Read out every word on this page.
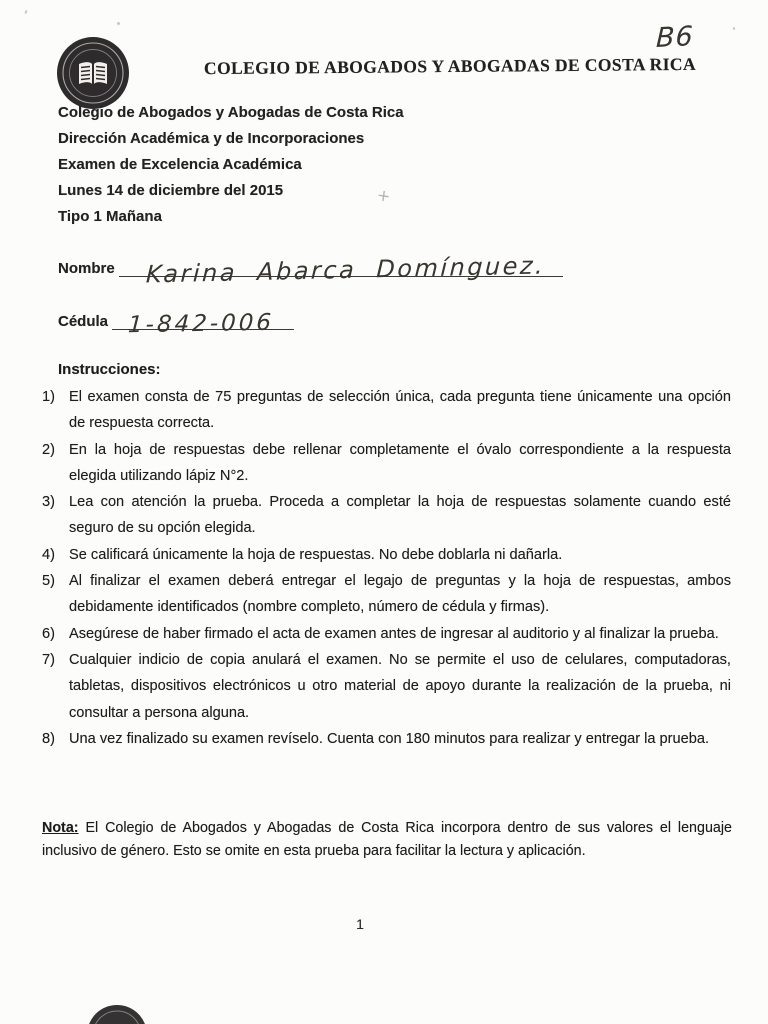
B6
COLEGIO DE ABOGADOS Y ABOGADAS DE COSTA RICA
Colegio de Abogados y Abogadas de Costa Rica
Dirección Académica y de Incorporaciones
Examen de Excelencia Académica
Lunes 14 de diciembre del 2015
Tipo 1 Mañana
+
Nombre Karina Abarca Domínguez.
Cédula 1-842-006
Instrucciones:
1) El examen consta de 75 preguntas de selección única, cada pregunta tiene únicamente una opción de respuesta correcta.
2) En la hoja de respuestas debe rellenar completamente el óvalo correspondiente a la respuesta elegida utilizando lápiz N°2.
3) Lea con atención la prueba. Proceda a completar la hoja de respuestas solamente cuando esté seguro de su opción elegida.
4) Se calificará únicamente la hoja de respuestas. No debe doblarla ni dañarla.
5) Al finalizar el examen deberá entregar el legajo de preguntas y la hoja de respuestas, ambos debidamente identificados (nombre completo, número de cédula y firmas).
6) Asegúrese de haber firmado el acta de examen antes de ingresar al auditorio y al finalizar la prueba.
7) Cualquier indicio de copia anulará el examen. No se permite el uso de celulares, computadoras, tabletas, dispositivos electrónicos u otro material de apoyo durante la realización de la prueba, ni consultar a persona alguna.
8) Una vez finalizado su examen revíselo. Cuenta con 180 minutos para realizar y entregar la prueba.
Nota: El Colegio de Abogados y Abogadas de Costa Rica incorpora dentro de sus valores el lenguaje inclusivo de género. Esto se omite en esta prueba para facilitar la lectura y aplicación.
1
